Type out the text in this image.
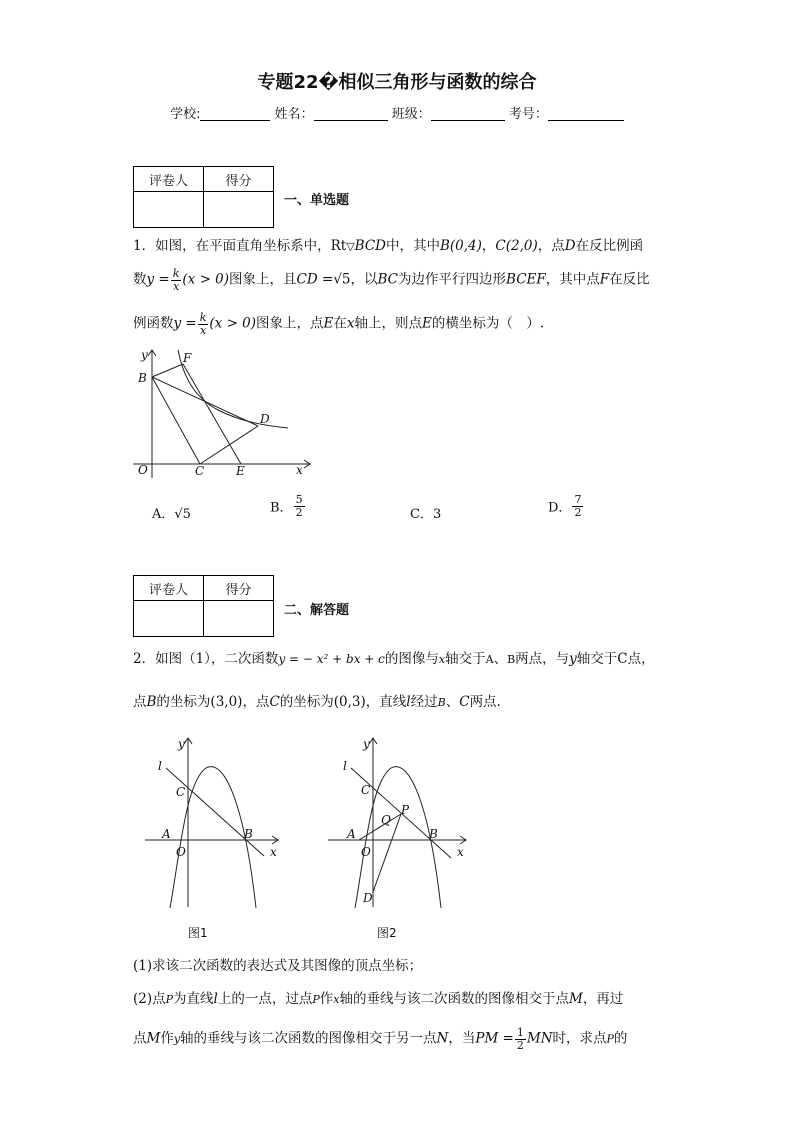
专题22�相似三角形与函数的综合
学校:	姓名：	班级：	考号：
评卷人	得分

一、单选题
1．如图，在平面直角坐标系中，Rt▽BCD中，其中B(0,4)，C(2,0)，点D在反比例函
数$y = \frac{k}{x} (x > 0)$图象上，且CD =√5，以BC为边作平行四边形BCEF，其中点F在反比
例函数$y = \frac{k}{x} (x > 0)$图象上，点E在x轴上，则点E的横坐标为（　）.
y
B
F
D
O	C	E	x
A．√5	B． $\frac{5}{2}$	C．3	D． $\frac{7}{2}$
评卷人	得分

二、解答题
2．如图（1），二次函数y = − x² + bx + c的图像与x轴交于A、B两点，与y轴交于C点，
点B的坐标为(3,0)，点C的坐标为(0,3)，直线l经过B、C两点.
y
l
C
A
O
B
x
图1
y
l
C
Q
P
A
O
B
D
x
图2
(1)求该二次函数的表达式及其图像的顶点坐标；
(2)点P为直线l上的一点，过点P作x轴的垂线与该二次函数的图像相交于点M，再过
点M作y轴的垂线与该二次函数的图像相交于另一点N，当PM = $\frac{1}{2}$ MN时，求点P的
